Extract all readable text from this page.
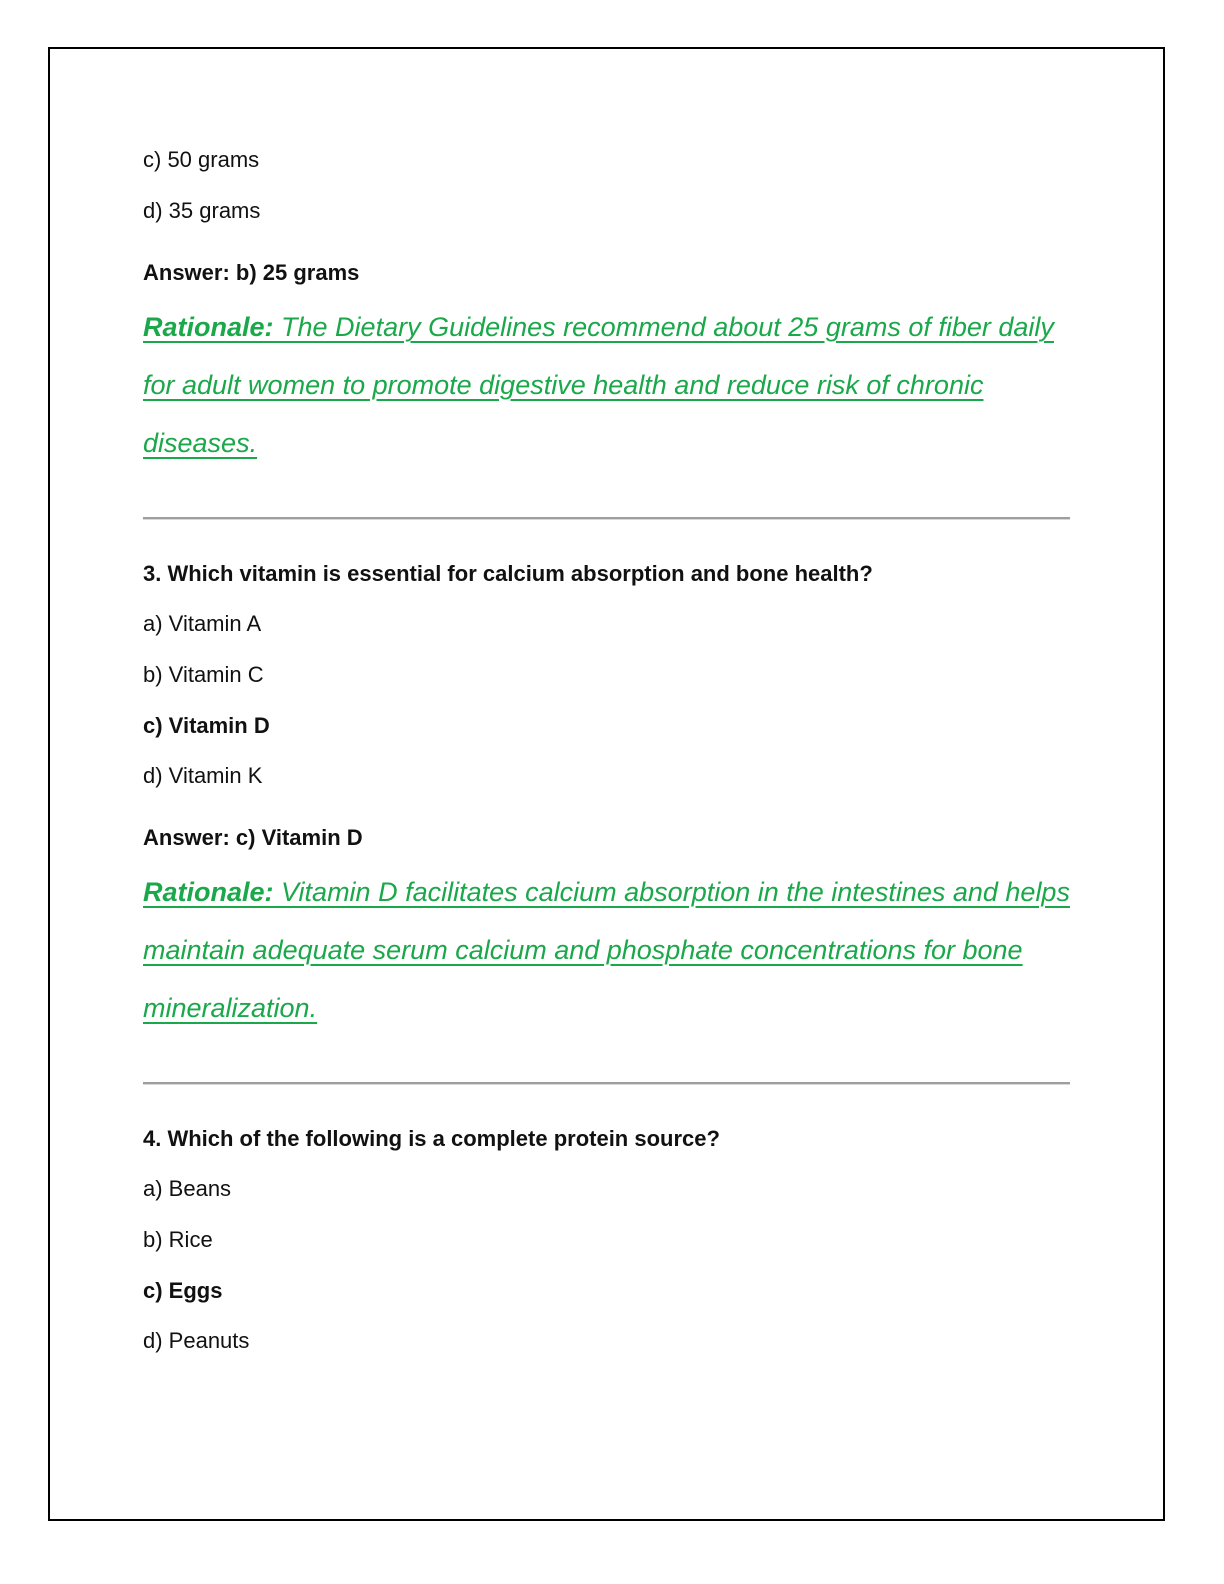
c) 50 grams
d) 35 grams
Answer: b) 25 grams
Rationale: The Dietary Guidelines recommend about 25 grams of fiber daily for adult women to promote digestive health and reduce risk of chronic diseases.
3. Which vitamin is essential for calcium absorption and bone health?
a) Vitamin A
b) Vitamin C
c) Vitamin D
d) Vitamin K
Answer: c) Vitamin D
Rationale: Vitamin D facilitates calcium absorption in the intestines and helps maintain adequate serum calcium and phosphate concentrations for bone mineralization.
4. Which of the following is a complete protein source?
a) Beans
b) Rice
c) Eggs
d) Peanuts
